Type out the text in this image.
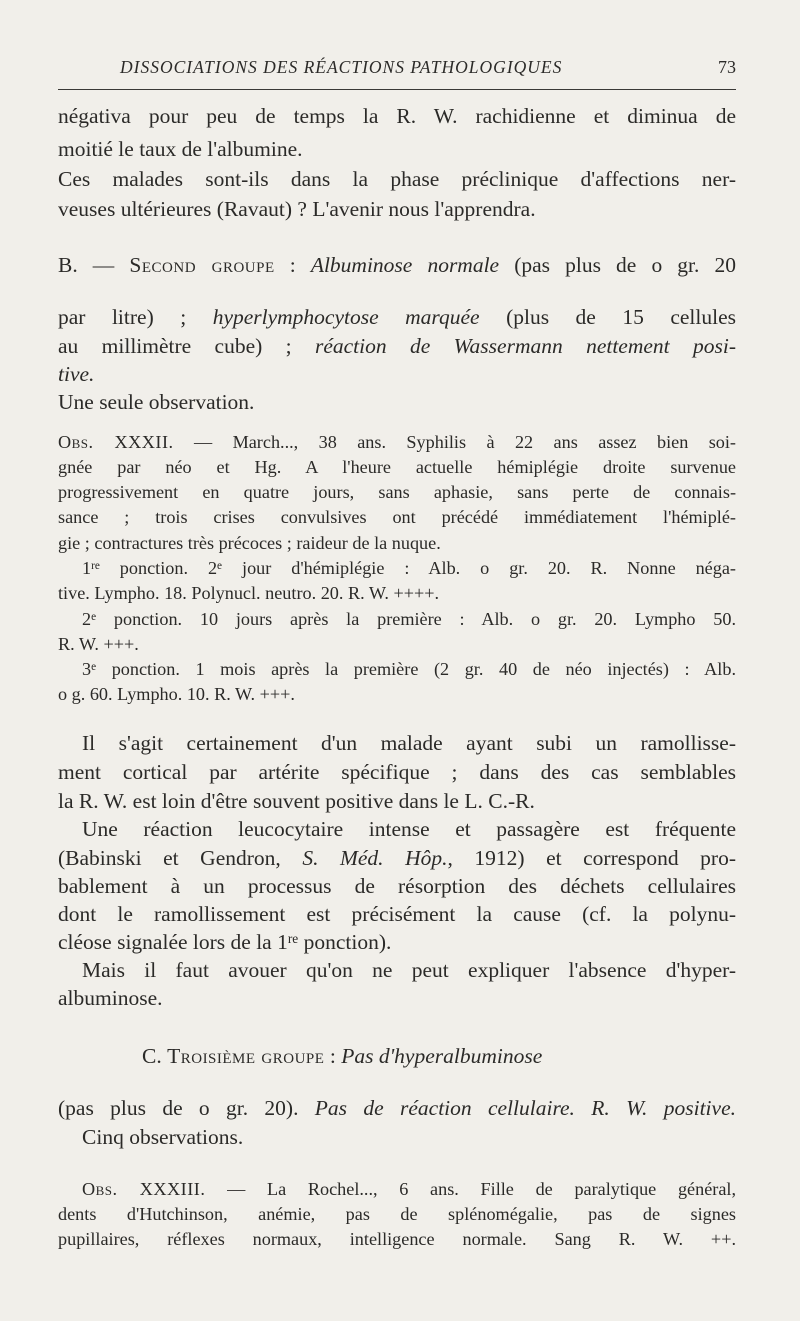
DISSOCIATIONS DES RÉACTIONS PATHOLOGIQUES	73
négativa pour peu de temps la R. W. rachidienne et diminua de
moitié le taux de l'albumine.
Ces malades sont-ils dans la phase préclinique d'affections ner-
veuses ultérieures (Ravaut) ? L'avenir nous l'apprendra.
B. — Second groupe : Albuminose normale (pas plus de o gr. 20
par litre) ; hyperlymphocytose marquée (plus de 15 cellules
au millimètre cube) ; réaction de Wassermann nettement posi-
tive.
Une seule observation.
Obs. XXXII. — March..., 38 ans. Syphilis à 22 ans assez bien soi-
gnée par néo et Hg. A l'heure actuelle hémiplégie droite survenue
progressivement en quatre jours, sans aphasie, sans perte de connais-
sance ; trois crises convulsives ont précédé immédiatement l'hémiplé-
gie ; contractures très précoces ; raideur de la nuque.
1re ponction. 2e jour d'hémiplégie : Alb. o gr. 20. R. Nonne néga-
tive. Lympho. 18. Polynucl. neutro. 20. R. W. ++++.
2e ponction. 10 jours après la première : Alb. o gr. 20. Lympho 50.
R. W. +++.
3e ponction. 1 mois après la première (2 gr. 40 de néo injectés) : Alb.
o g. 60. Lympho. 10. R. W. +++.
Il s'agit certainement d'un malade ayant subi un ramollisse-
ment cortical par artérite spécifique ; dans des cas semblables
la R. W. est loin d'être souvent positive dans le L. C.-R.
Une réaction leucocytaire intense et passagère est fréquente
(Babinski et Gendron, S. Méd. Hôp., 1912) et correspond pro-
bablement à un processus de résorption des déchets cellulaires
dont le ramollissement est précisément la cause (cf. la polynu-
cléose signalée lors de la 1re ponction).
Mais il faut avouer qu'on ne peut expliquer l'absence d'hyper-
albuminose.
C. Troisième groupe : Pas d'hyperalbuminose
(pas plus de o gr. 20). Pas de réaction cellulaire. R. W. positive.
Cinq observations.
Obs. XXXIII. — La Rochel..., 6 ans. Fille de paralytique général,
dents d'Hutchinson, anémie, pas de splénomégalie, pas de signes
pupillaires, réflexes normaux, intelligence normale. Sang R. W. ++.
